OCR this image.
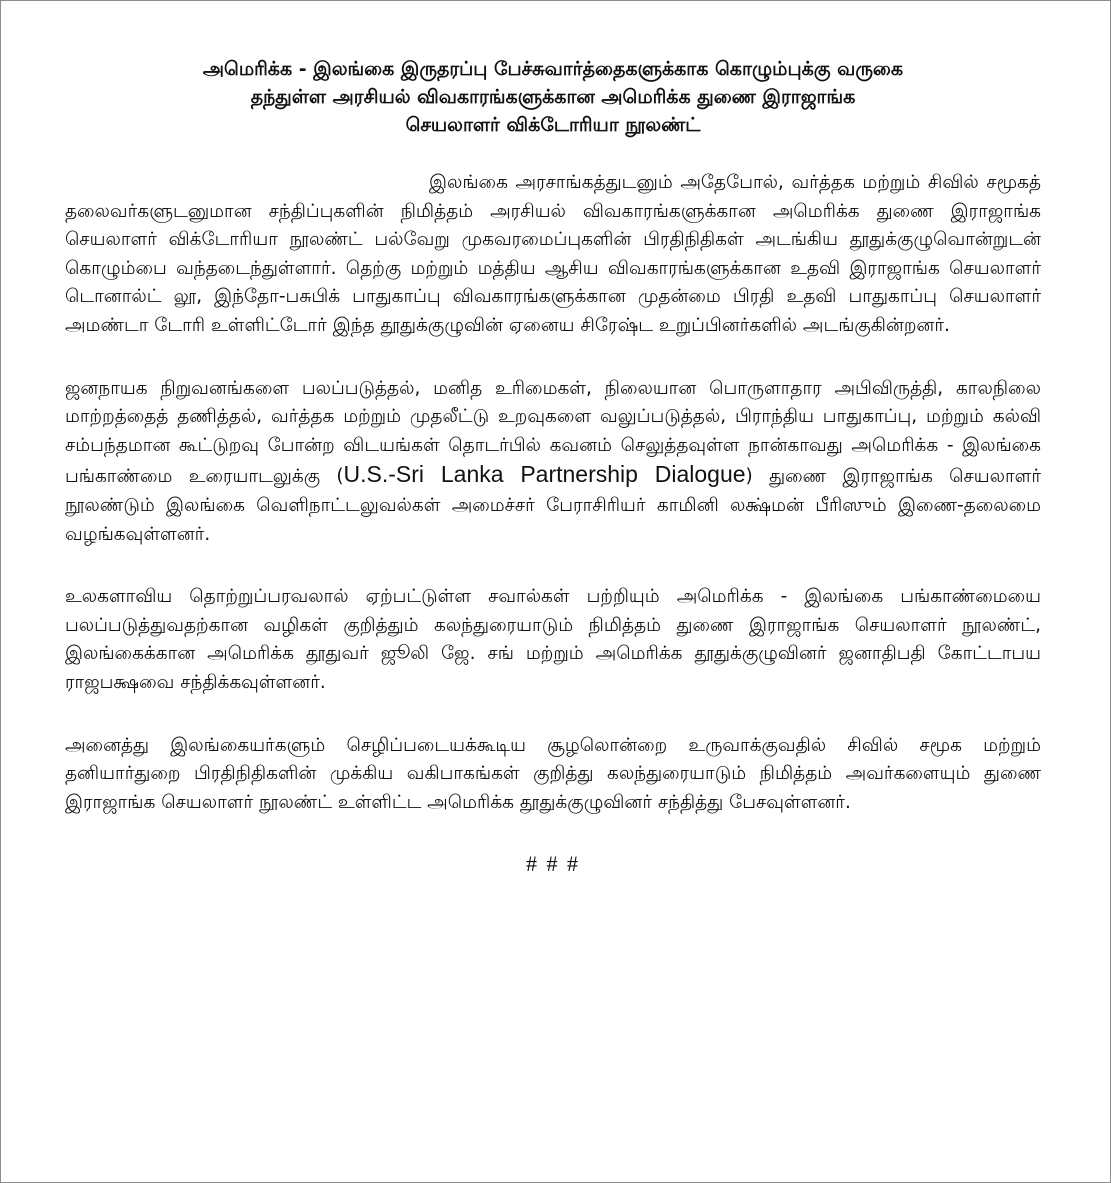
அமெரிக்க - இலங்கை இருதரப்பு பேச்சுவார்த்தைகளுக்காக கொழும்புக்கு வருகை
தந்துள்ள அரசியல் விவகாரங்களுக்கான அமெரிக்க துணை இராஜாங்க
செயலாளர் விக்டோரியா நூலண்ட்

இலங்கை அரசாங்கத்துடனும் அதேபோல், வர்த்தக மற்றும் சிவில் சமூகத் தலைவர்களுடனுமான சந்திப்புகளின் நிமித்தம் அரசியல் விவகாரங்களுக்கான அமெரிக்க துணை இராஜாங்க செயலாளர் விக்டோரியா நூலண்ட் பல்வேறு முகவரமைப்புகளின் பிரதிநிதிகள் அடங்கிய தூதுக்குழுவொன்றுடன் கொழும்பை வந்தடைந்துள்ளார். தெற்கு மற்றும் மத்திய ஆசிய விவகாரங்களுக்கான உதவி இராஜாங்க செயலாளர் டொனால்ட் லூ, இந்தோ-பசுபிக் பாதுகாப்பு விவகாரங்களுக்கான முதன்மை பிரதி உதவி பாதுகாப்பு செயலாளர் அமண்டா டோரி உள்ளிட்டோர் இந்த தூதுக்குழுவின் ஏனைய சிரேஷ்ட உறுப்பினர்களில் அடங்குகின்றனர்.

ஜனநாயக நிறுவனங்களை பலப்படுத்தல், மனித உரிமைகள், நிலையான பொருளாதார அபிவிருத்தி, காலநிலை மாற்றத்தைத் தணித்தல், வர்த்தக மற்றும் முதலீட்டு உறவுகளை வலுப்படுத்தல், பிராந்திய பாதுகாப்பு, மற்றும் கல்வி சம்பந்தமான கூட்டுறவு போன்ற விடயங்கள் தொடர்பில் கவனம் செலுத்தவுள்ள நான்காவது அமெரிக்க - இலங்கை பங்காண்மை உரையாடலுக்கு (U.S.-Sri Lanka Partnership Dialogue) துணை இராஜாங்க செயலாளர் நூலண்டும் இலங்கை வெளிநாட்டலுவல்கள் அமைச்சர் பேராசிரியர் காமினி லக்ஷ்மன் பீரிஸும் இணை-தலைமை வழங்கவுள்ளனர்.

உலகளாவிய தொற்றுப்பரவலால் ஏற்பட்டுள்ள சவால்கள் பற்றியும் அமெரிக்க - இலங்கை பங்காண்மையை பலப்படுத்துவதற்கான வழிகள் குறித்தும் கலந்துரையாடும் நிமித்தம் துணை இராஜாங்க செயலாளர் நூலண்ட், இலங்கைக்கான அமெரிக்க தூதுவர் ஜூலி ஜே. சங் மற்றும் அமெரிக்க தூதுக்குழுவினர் ஜனாதிபதி கோட்டாபய ராஜபக்ஷவை சந்திக்கவுள்ளனர்.

அனைத்து இலங்கையர்களும் செழிப்படையக்கூடிய சூழலொன்றை உருவாக்குவதில் சிவில் சமூக மற்றும் தனியார்துறை பிரதிநிதிகளின் முக்கிய வகிபாகங்கள் குறித்து கலந்துரையாடும் நிமித்தம் அவர்களையும் துணை இராஜாங்க செயலாளர் நூலண்ட் உள்ளிட்ட அமெரிக்க தூதுக்குழுவினர் சந்தித்து பேசவுள்ளனர்.

# # #
